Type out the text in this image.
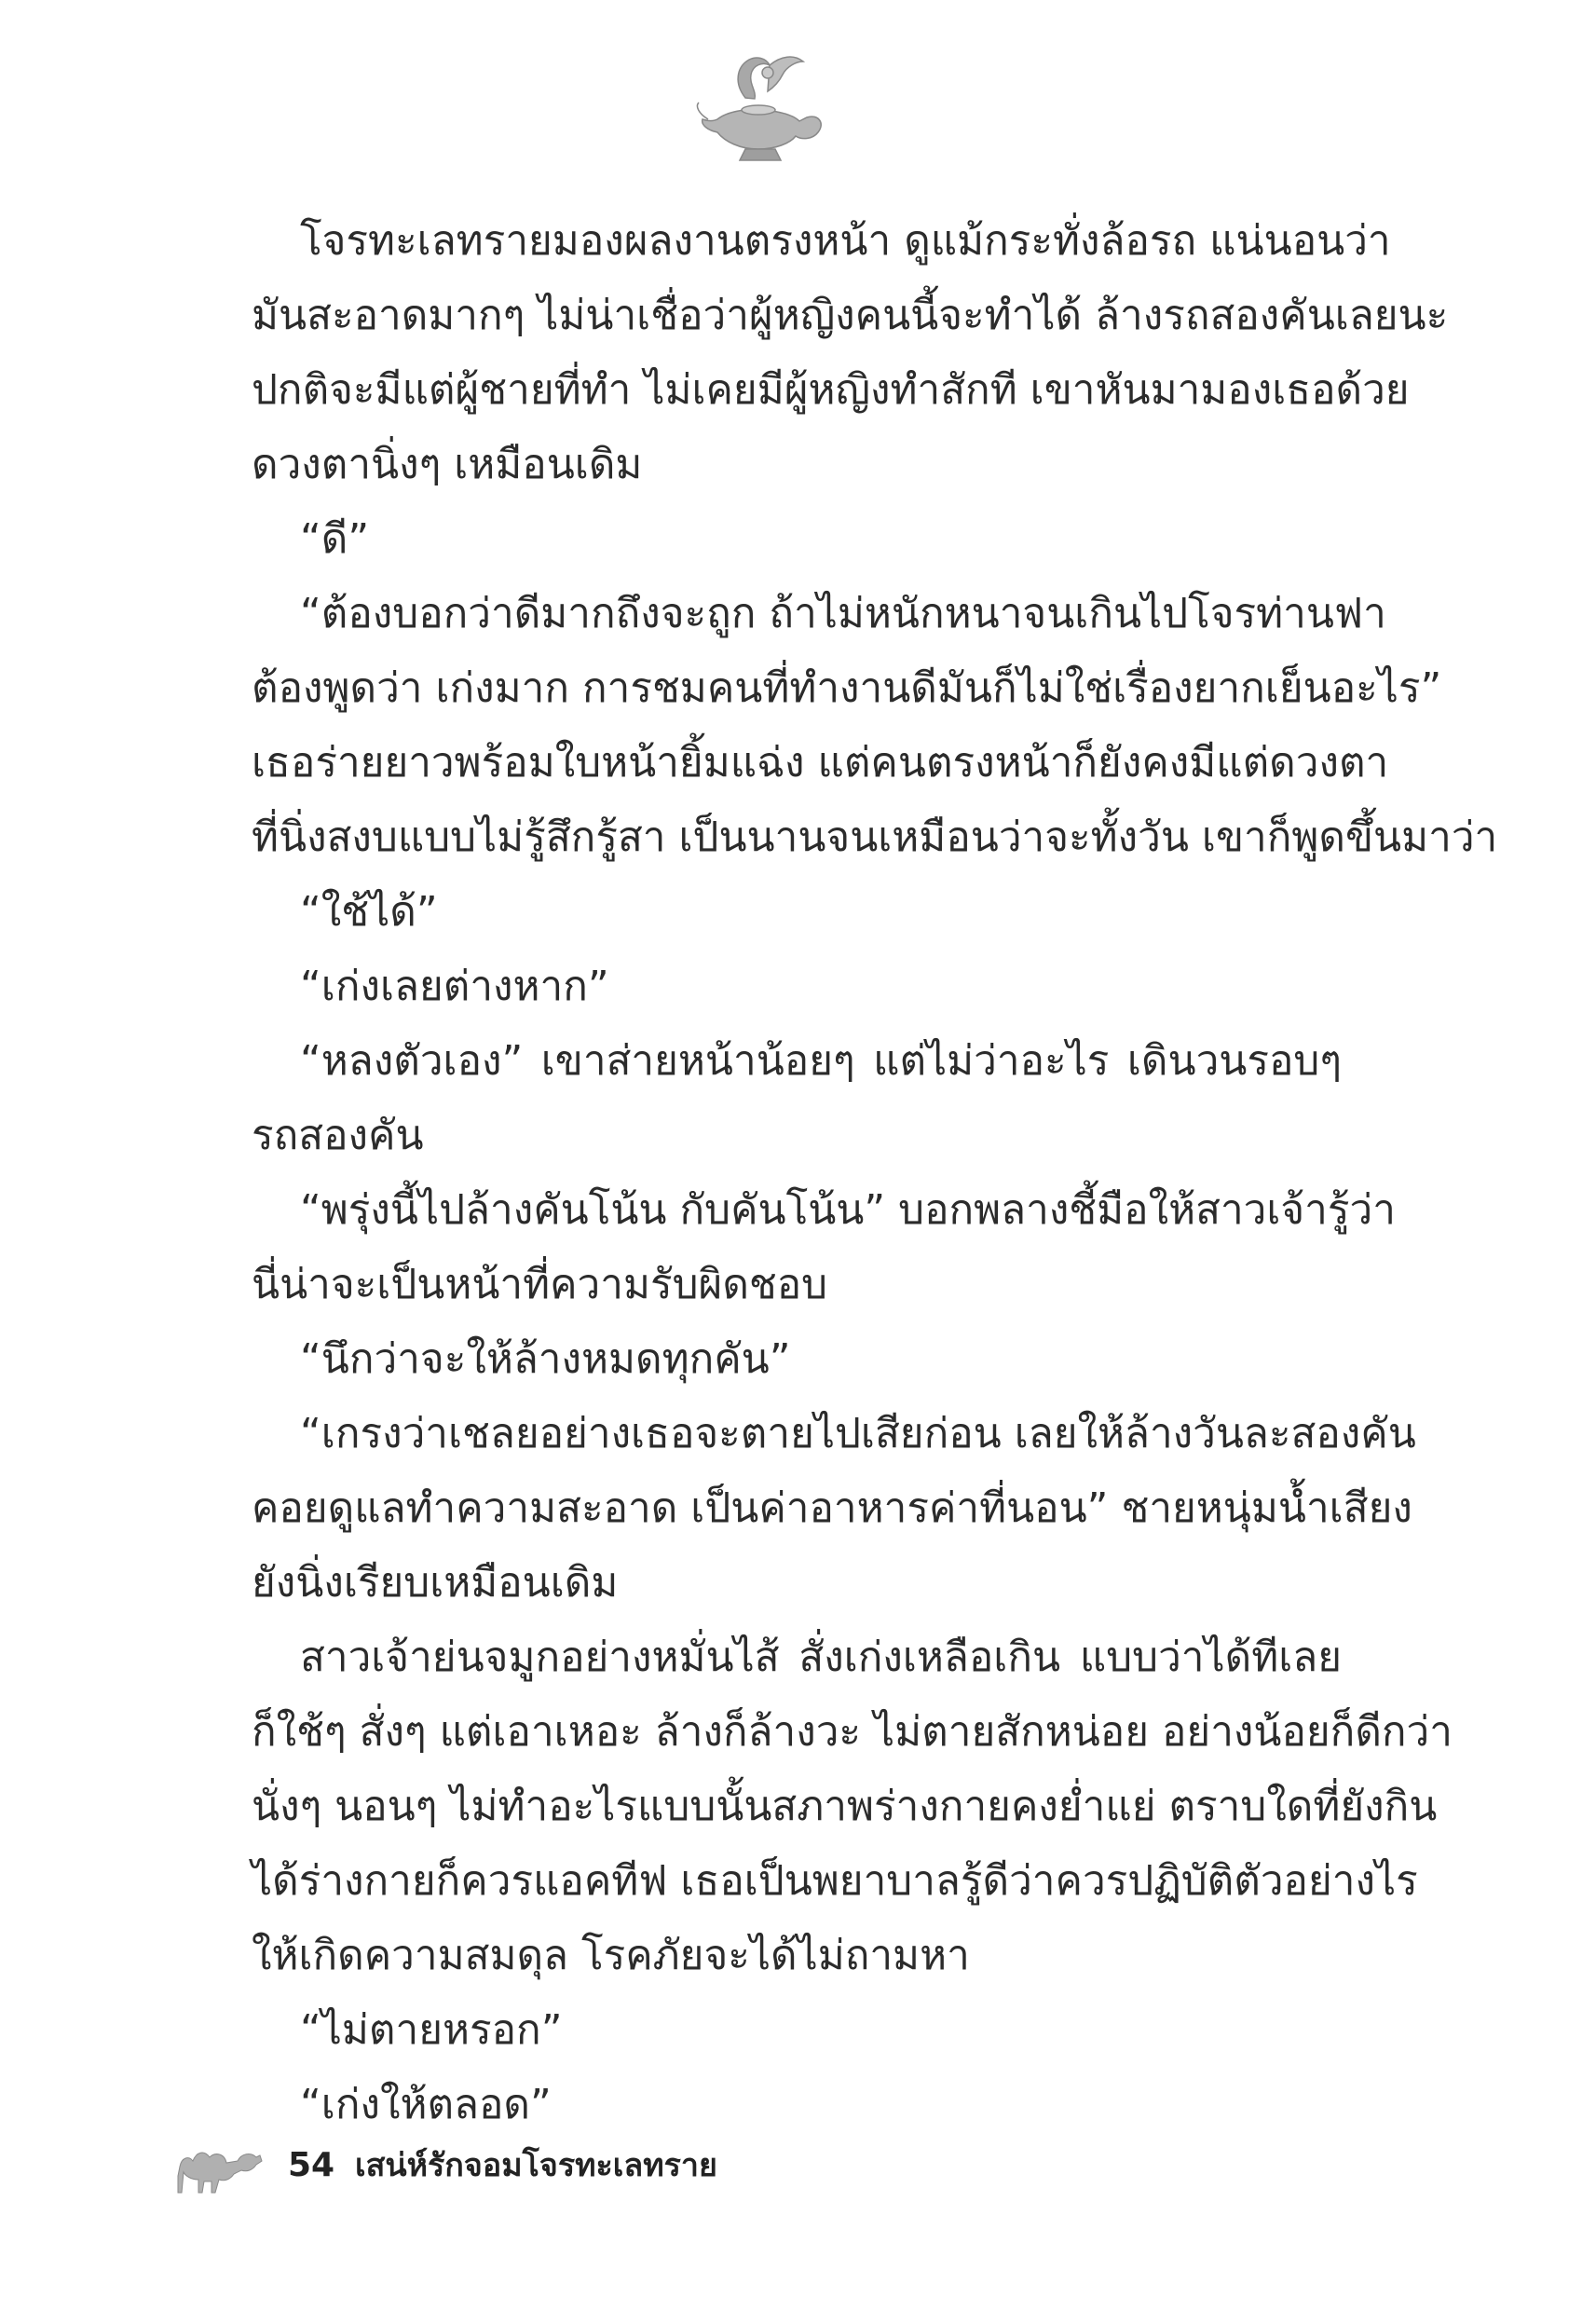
โจรทะเลทรายมองผลงานตรงหน้า ดูแม้กระทั่งล้อรถ แน่นอนว่า
มันสะอาดมากๆ ไม่น่าเชื่อว่าผู้หญิงคนนี้จะทำได้ ล้างรถสองคันเลยนะ
ปกติจะมีแต่ผู้ชายที่ทำ ไม่เคยมีผู้หญิงทำสักที เขาหันมามองเธอด้วย
ดวงตานิ่งๆ เหมือนเดิม
“ดี”
“ต้องบอกว่าดีมากถึงจะถูก ถ้าไม่หนักหนาจนเกินไปโจรท่านฟา
ต้องพูดว่า เก่งมาก การชมคนที่ทำงานดีมันก็ไม่ใช่เรื่องยากเย็นอะไร”
เธอร่ายยาวพร้อมใบหน้ายิ้มแฉ่ง แต่คนตรงหน้าก็ยังคงมีแต่ดวงตา
ที่นิ่งสงบแบบไม่รู้สึกรู้สา เป็นนานจนเหมือนว่าจะทั้งวัน เขาก็พูดขึ้นมาว่า
“ใช้ได้”
“เก่งเลยต่างหาก”
“หลงตัวเอง” เขาส่ายหน้าน้อยๆ แต่ไม่ว่าอะไร เดินวนรอบๆ
รถสองคัน
“พรุ่งนี้ไปล้างคันโน้น กับคันโน้น” บอกพลางชี้มือให้สาวเจ้ารู้ว่า
นี่น่าจะเป็นหน้าที่ความรับผิดชอบ
“นึกว่าจะให้ล้างหมดทุกคัน”
“เกรงว่าเชลยอย่างเธอจะตายไปเสียก่อน เลยให้ล้างวันละสองคัน
คอยดูแลทำความสะอาด เป็นค่าอาหารค่าที่นอน” ชายหนุ่มน้ำเสียง
ยังนิ่งเรียบเหมือนเดิม
สาวเจ้าย่นจมูกอย่างหมั่นไส้ สั่งเก่งเหลือเกิน แบบว่าได้ทีเลย
ก็ใช้ๆ สั่งๆ แต่เอาเหอะ ล้างก็ล้างวะ ไม่ตายสักหน่อย อย่างน้อยก็ดีกว่า
นั่งๆ นอนๆ ไม่ทำอะไรแบบนั้นสภาพร่างกายคงย่ำแย่ ตราบใดที่ยังกิน
ได้ร่างกายก็ควรแอคทีฟ เธอเป็นพยาบาลรู้ดีว่าควรปฏิบัติตัวอย่างไร
ให้เกิดความสมดุล โรคภัยจะได้ไม่ถามหา
“ไม่ตายหรอก”
“เก่งให้ตลอด”
54 เสน่ห์รักจอมโจรทะเลทราย
